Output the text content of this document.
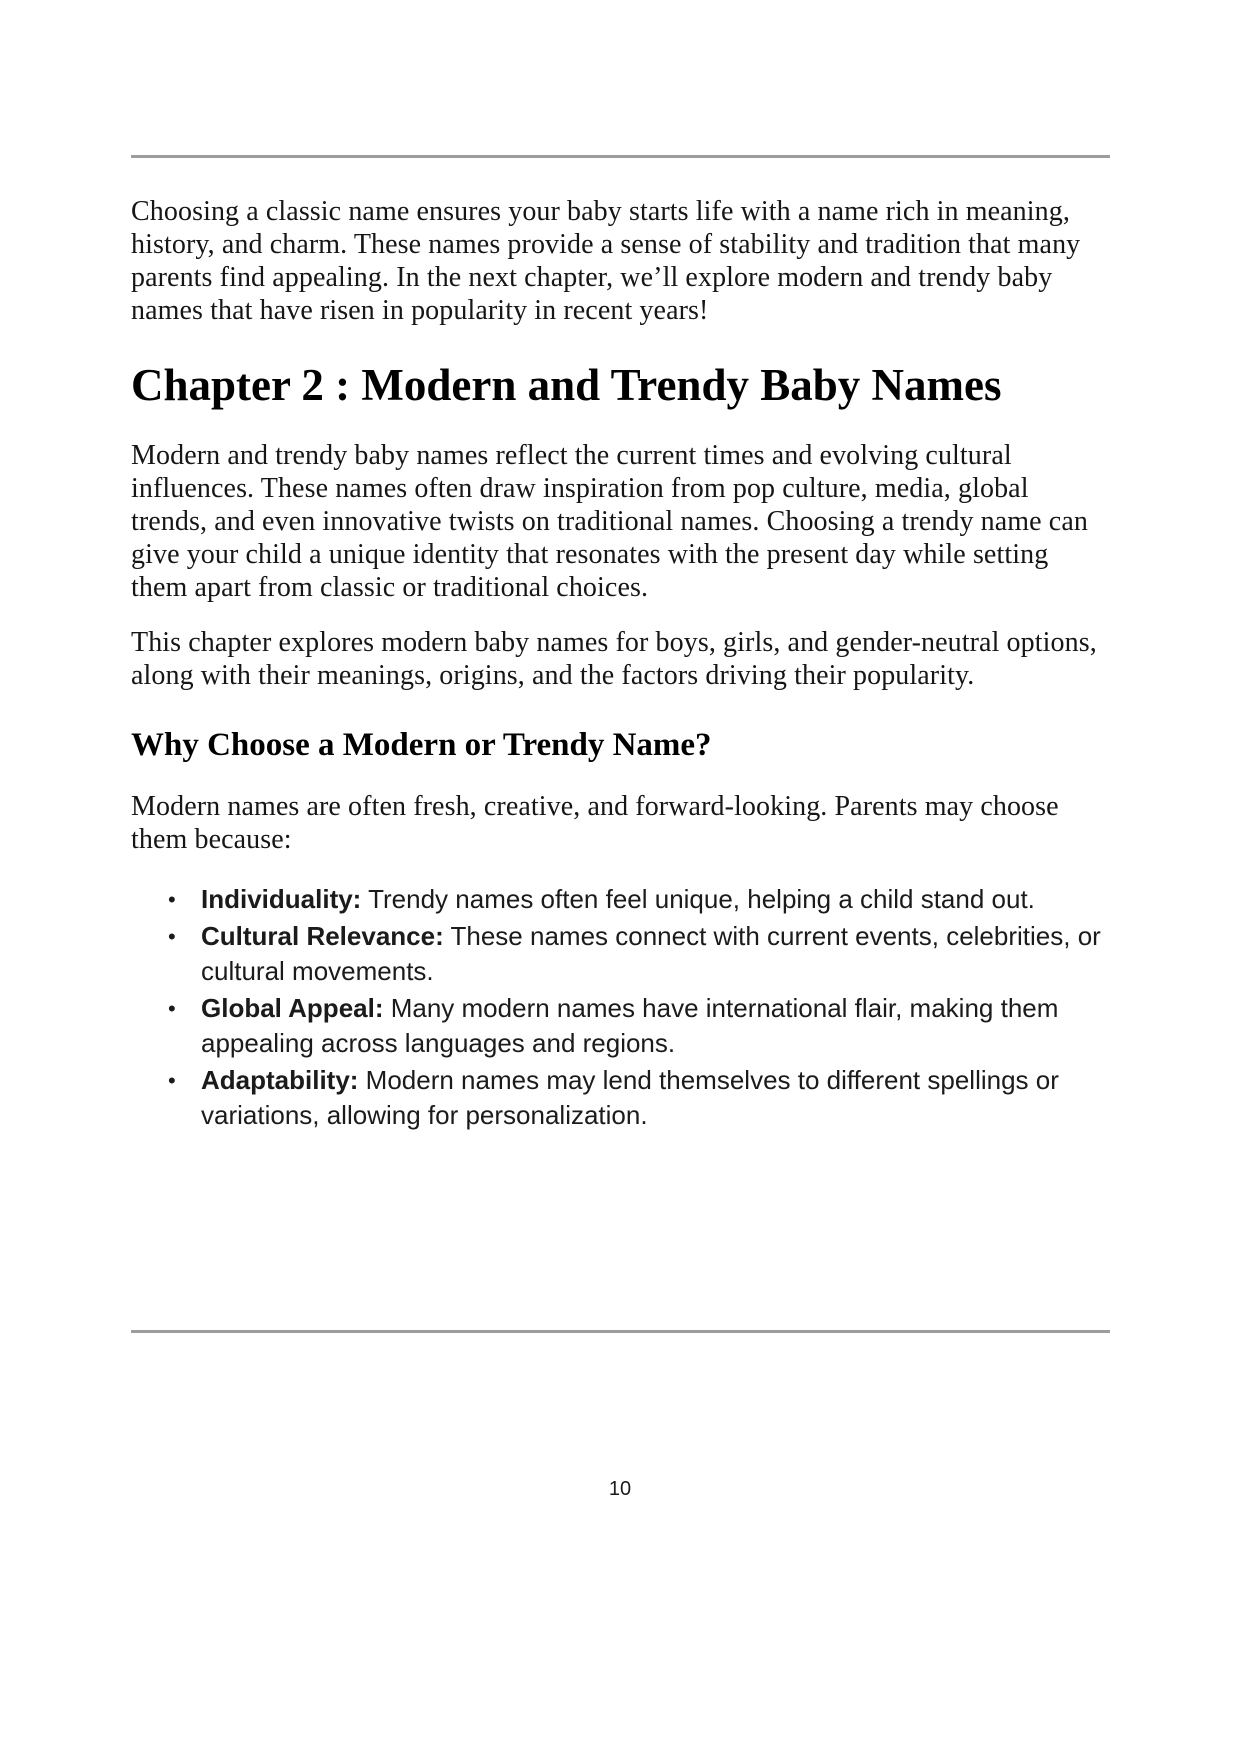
Choosing a classic name ensures your baby starts life with a name rich in meaning, history, and charm. These names provide a sense of stability and tradition that many parents find appealing. In the next chapter, we’ll explore modern and trendy baby names that have risen in popularity in recent years!

Chapter 2 : Modern and Trendy Baby Names

Modern and trendy baby names reflect the current times and evolving cultural influences. These names often draw inspiration from pop culture, media, global trends, and even innovative twists on traditional names. Choosing a trendy name can give your child a unique identity that resonates with the present day while setting them apart from classic or traditional choices.

This chapter explores modern baby names for boys, girls, and gender-neutral options, along with their meanings, origins, and the factors driving their popularity.

Why Choose a Modern or Trendy Name?

Modern names are often fresh, creative, and forward-looking. Parents may choose them because:

• Individuality: Trendy names often feel unique, helping a child stand out.
• Cultural Relevance: These names connect with current events, celebrities, or cultural movements.
• Global Appeal: Many modern names have international flair, making them appealing across languages and regions.
• Adaptability: Modern names may lend themselves to different spellings or variations, allowing for personalization.
10
